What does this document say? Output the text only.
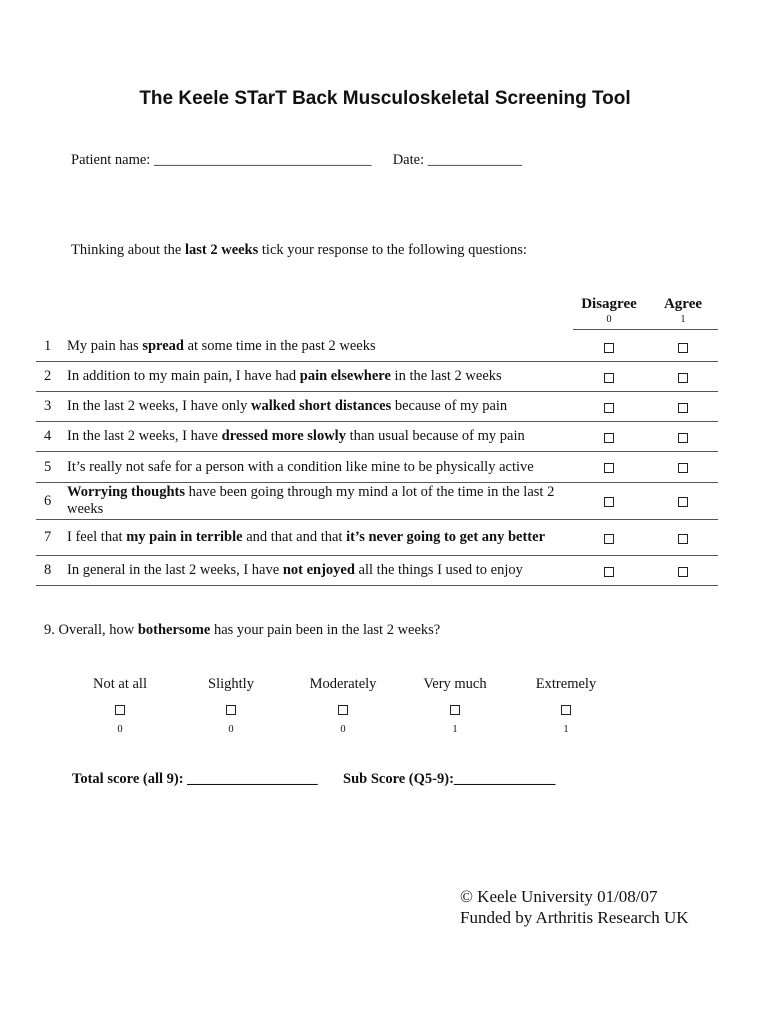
The Keele STarT Back Musculoskeletal Screening Tool
Patient name: ______________________________ Date: _____________
Thinking about the last 2 weeks tick your response to the following questions:
Disagree	Agree
0	1
1 My pain has spread at some time in the past 2 weeks
2 In addition to my main pain, I have had pain elsewhere in the last 2 weeks
3 In the last 2 weeks, I have only walked short distances because of my pain
4 In the last 2 weeks, I have dressed more slowly than usual because of my pain
5 It’s really not safe for a person with a condition like mine to be physically active
6
Worrying thoughts have been going through my mind a lot of the time in the last 2 weeks
7 I feel that my pain in terrible and that and that it’s never going to get any better
8 In general in the last 2 weeks, I have not enjoyed all the things I used to enjoy
9. Overall, how bothersome has your pain been in the last 2 weeks?
Not at all
0
Slightly
0
Moderately
0
Very much
1
Extremely
1
Total score (all 9): __________________ Sub Score (Q5-9):______________
© Keele University 01/08/07
Funded by Arthritis Research UK
